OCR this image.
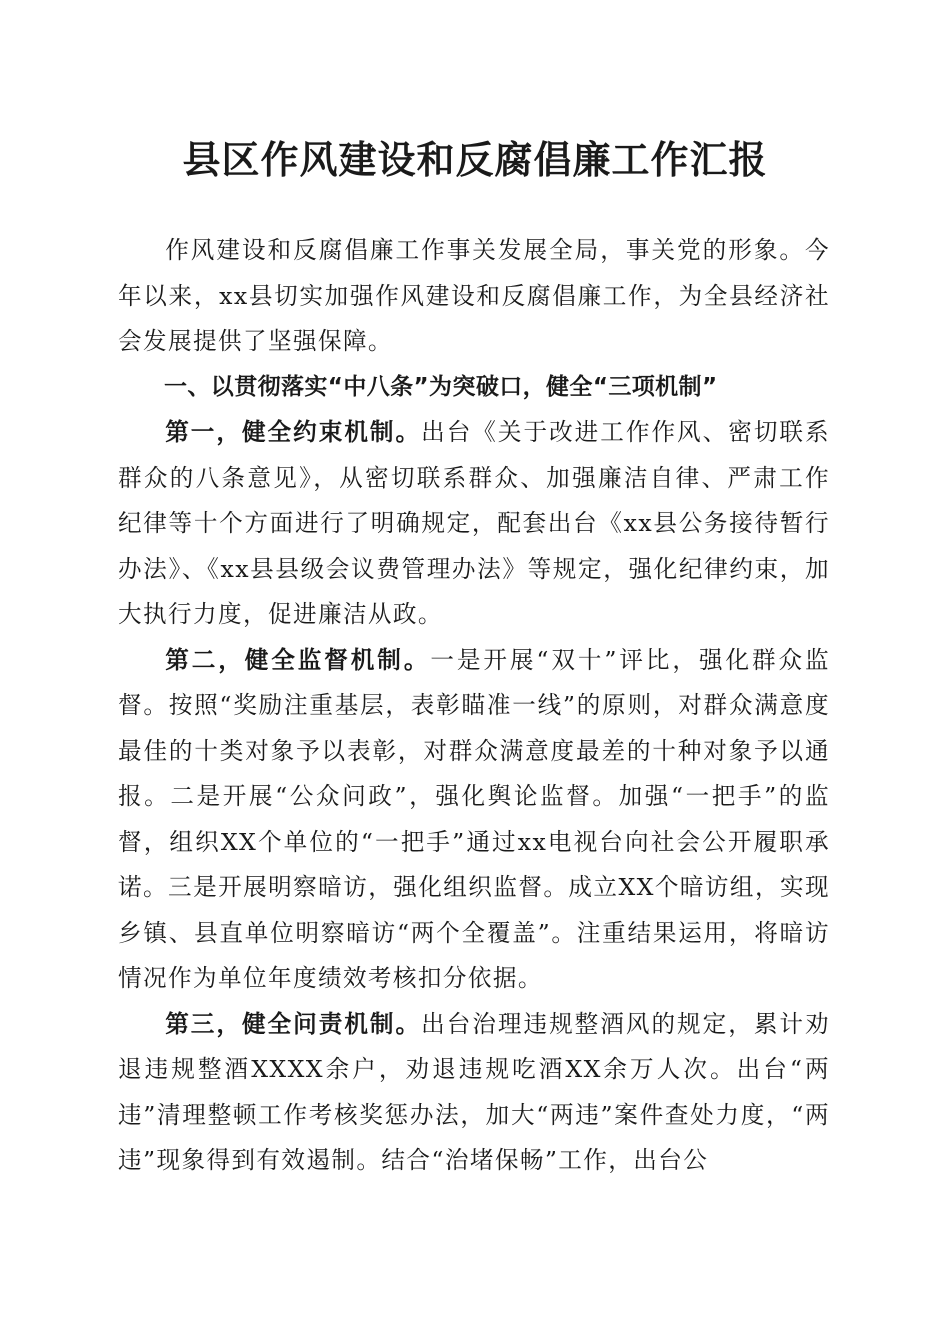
县区作风建设和反腐倡廉工作汇报

作风建设和反腐倡廉工作事关发展全局，事关党的形象。今年以来，xx县切实加强作风建设和反腐倡廉工作，为全县经济社会发展提供了坚强保障。

一、以贯彻落实“中八条”为突破口，健全“三项机制”

第一，健全约束机制。出台《关于改进工作作风、密切联系群众的八条意见》，从密切联系群众、加强廉洁自律、严肃工作纪律等十个方面进行了明确规定，配套出台《xx县公务接待暂行办法》、《xx县县级会议费管理办法》等规定，强化纪律约束，加大执行力度，促进廉洁从政。

第二，健全监督机制。一是开展“双十”评比，强化群众监督。按照“奖励注重基层，表彰瞄准一线”的原则，对群众满意度最佳的十类对象予以表彰，对群众满意度最差的十种对象予以通报。二是开展“公众问政”，强化舆论监督。加强“一把手”的监督，组织XX个单位的“一把手”通过xx电视台向社会公开履职承诺。三是开展明察暗访，强化组织监督。成立XX个暗访组，实现乡镇、县直单位明察暗访“两个全覆盖”。注重结果运用，将暗访情况作为单位年度绩效考核扣分依据。

第三，健全问责机制。出台治理违规整酒风的规定，累计劝退违规整酒XXXX余户，劝退违规吃酒XX余万人次。出台“两违”清理整顿工作考核奖惩办法，加大“两违”案件查处力度，“两违”现象得到有效遏制。结合“治堵保畅”工作，出台公
